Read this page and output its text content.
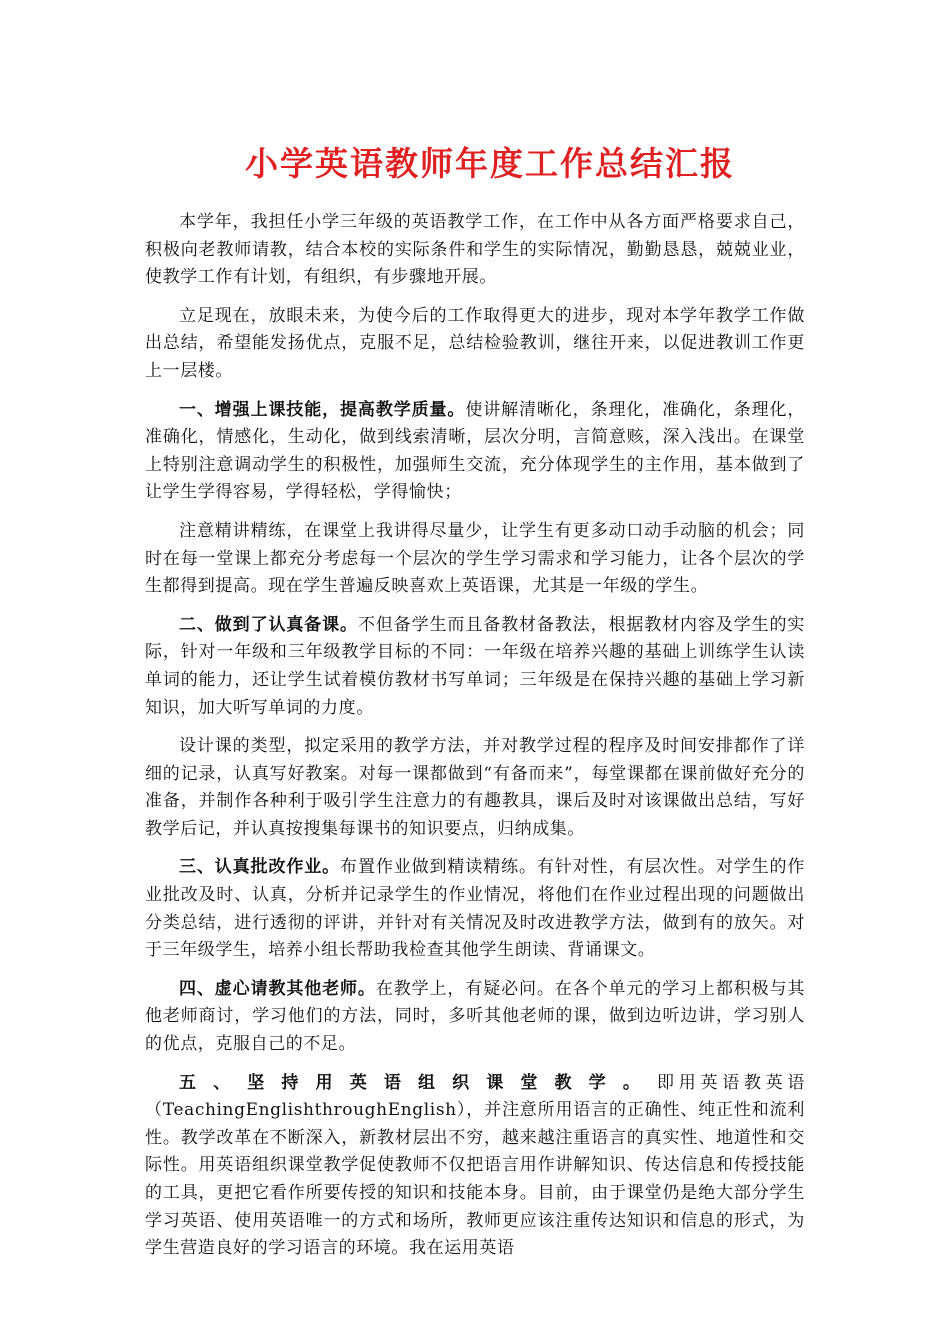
小学英语教师年度工作总结汇报

本学年，我担任小学三年级的英语教学工作，在工作中从各方面严格要求自己，积极向老教师请教，结合本校的实际条件和学生的实际情况，勤勤恳恳，兢兢业业，使教学工作有计划，有组织，有步骤地开展。

立足现在，放眼未来，为使今后的工作取得更大的进步，现对本学年教学工作做出总结，希望能发扬优点，克服不足，总结检验教训，继往开来，以促进教训工作更上一层楼。

一、增强上课技能，提高教学质量。使讲解清晰化，条理化，准确化，条理化，准确化，情感化，生动化，做到线索清晰，层次分明，言简意赅，深入浅出。在课堂上特别注意调动学生的积极性，加强师生交流，充分体现学生的主作用，基本做到了让学生学得容易，学得轻松，学得愉快；

注意精讲精练，在课堂上我讲得尽量少，让学生有更多动口动手动脑的机会；同时在每一堂课上都充分考虑每一个层次的学生学习需求和学习能力，让各个层次的学生都得到提高。现在学生普遍反映喜欢上英语课，尤其是一年级的学生。

二、做到了认真备课。不但备学生而且备教材备教法，根据教材内容及学生的实际，针对一年级和三年级教学目标的不同：一年级在培养兴趣的基础上训练学生认读单词的能力，还让学生试着模仿教材书写单词；三年级是在保持兴趣的基础上学习新知识，加大听写单词的力度。

设计课的类型，拟定采用的教学方法，并对教学过程的程序及时间安排都作了详细的记录，认真写好教案。对每一课都做到“有备而来”，每堂课都在课前做好充分的准备，并制作各种利于吸引学生注意力的有趣教具，课后及时对该课做出总结，写好教学后记，并认真按搜集每课书的知识要点，归纳成集。

三、认真批改作业。布置作业做到精读精练。有针对性，有层次性。对学生的作业批改及时、认真，分析并记录学生的作业情况，将他们在作业过程出现的问题做出分类总结，进行透彻的评讲，并针对有关情况及时改进教学方法，做到有的放矢。对于三年级学生，培养小组长帮助我检查其他学生朗读、背诵课文。

四、虚心请教其他老师。在教学上，有疑必问。在各个单元的学习上都积极与其他老师商讨，学习他们的方法，同时，多听其他老师的课，做到边听边讲，学习别人的优点，克服自己的不足。

五、坚持用英语组织课堂教学。即用英语教英语（TeachingEnglishthroughEnglish），并注意所用语言的正确性、纯正性和流利性。教学改革在不断深入，新教材层出不穷，越来越注重语言的真实性、地道性和交际性。用英语组织课堂教学促使教师不仅把语言用作讲解知识、传达信息和传授技能的工具，更把它看作所要传授的知识和技能本身。目前，由于课堂仍是绝大部分学生学习英语、使用英语唯一的方式和场所，教师更应该注重传达知识和信息的形式，为学生营造良好的学习语言的环境。我在运用英语
